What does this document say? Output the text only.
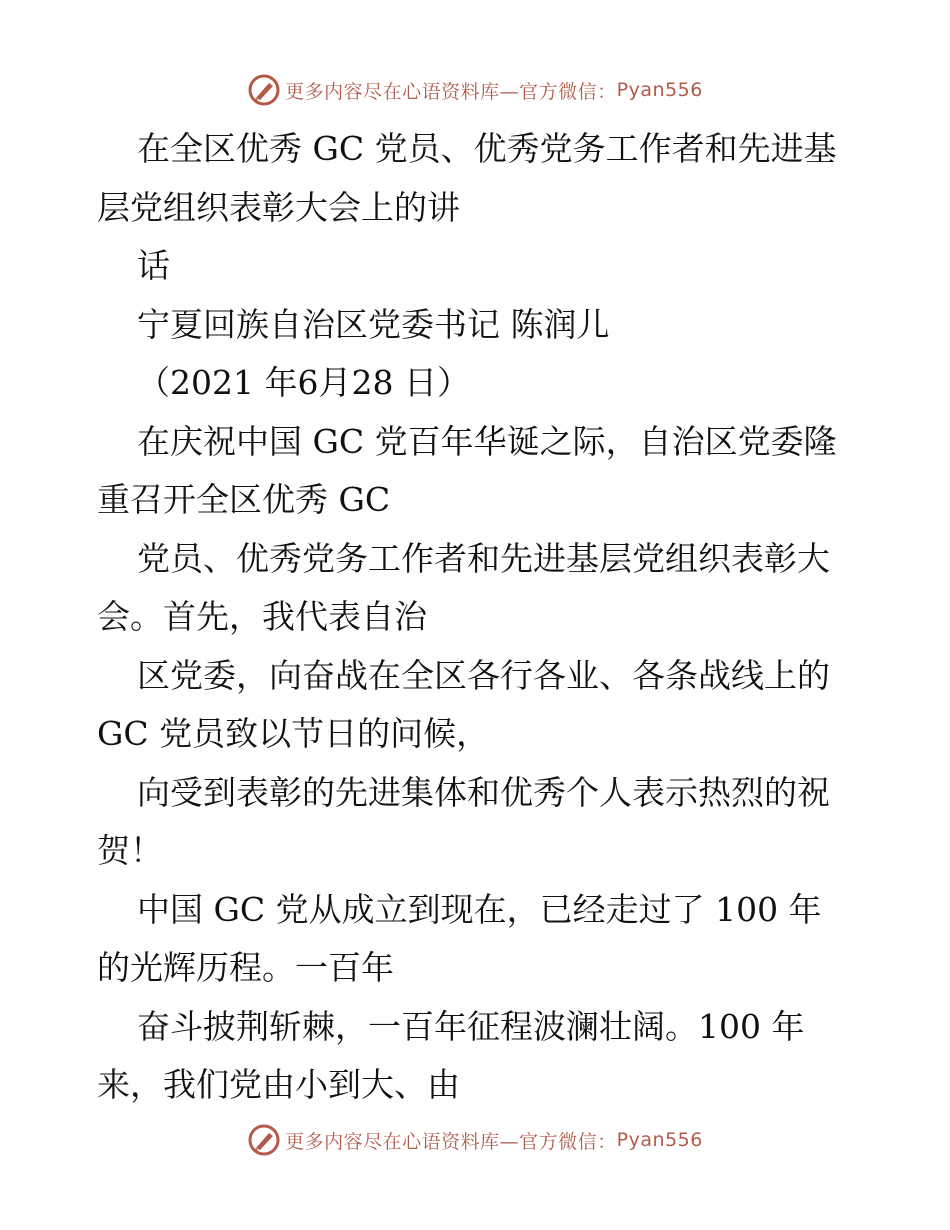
更多内容尽在心语资料库—官方微信： Pyan556
在全区优秀 GC 党员、优秀党务工作者和先进基
层党组织表彰大会上的讲
话
宁夏回族自治区党委书记 陈润儿
（2021 年6月28 日）
在庆祝中国 GC 党百年华诞之际，自治区党委隆
重召开全区优秀 GC
党员、优秀党务工作者和先进基层党组织表彰大
会。首先，我代表自治
区党委，向奋战在全区各行各业、各条战线上的
GC 党员致以节日的问候，
向受到表彰的先进集体和优秀个人表示热烈的祝
贺！
中国 GC 党从成立到现在，已经走过了 100 年
的光辉历程。一百年
奋斗披荆斩棘，一百年征程波澜壮阔。100 年
来，我们党由小到大、由
更多内容尽在心语资料库—官方微信： Pyan556
